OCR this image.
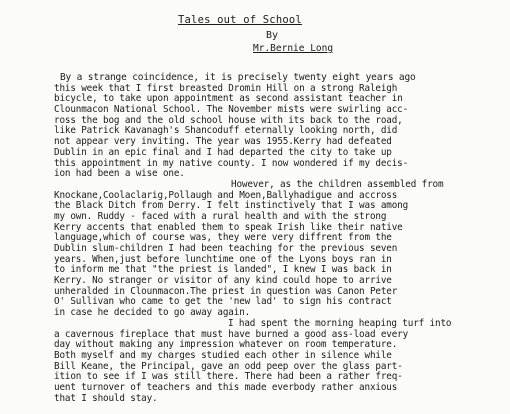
Tales out of School
By
Mr.Bernie Long
By a strange coincidence, it is precisely twenty eight years ago
this week that I first breasted Dromin Hill on a strong Raleigh
bicycle, to take upon appointment as second assistant teacher in
Clounmacon National School. The November mists were swirling acc-
ross the bog and the old school house with its back to the road,
like Patrick Kavanagh's Shancoduff eternally looking north, did
not appear very inviting. The year was 1955.Kerry had defeated
Dublin in an epic final and I had departed the city to take up
this appointment in my native county. I now wondered if my decis-
ion had been a wise one.
However, as the children assembled from
Knockane,Coolaclarig,Pollaugh and Moen,Ballyhadigue and accross
the Black Ditch from Derry. I felt instinctively that I was among
my own. Ruddy - faced with a rural health and with the strong
Kerry accents that enabled them to speak Irish like their native
language,which of course was, they were very diffrent from the
Dublin slum-children I had been teaching for the previous seven
years. When,just before lunchtime one of the Lyons boys ran in
to inform me that "the priest is landed", I knew I was back in
Kerry. No stranger or visitor of any kind could hope to arrive
unheralded in Clounmacon.The priest in question was Canon Peter
O' Sullivan who came to get the 'new lad' to sign his contract
in case he decided to go away again.
I had spent the morning heaping turf into
a cavernous fireplace that must have burned a good ass-load every
day without making any impression whatever on room temperature.
Both myself and my charges studied each other in silence while
Bill Keane, the Principal, gave an odd peep over the glass part-
ition to see if I was still there. There had been a rather freq-
uent turnover of teachers and this made everbody rather anxious
that I should stay.
